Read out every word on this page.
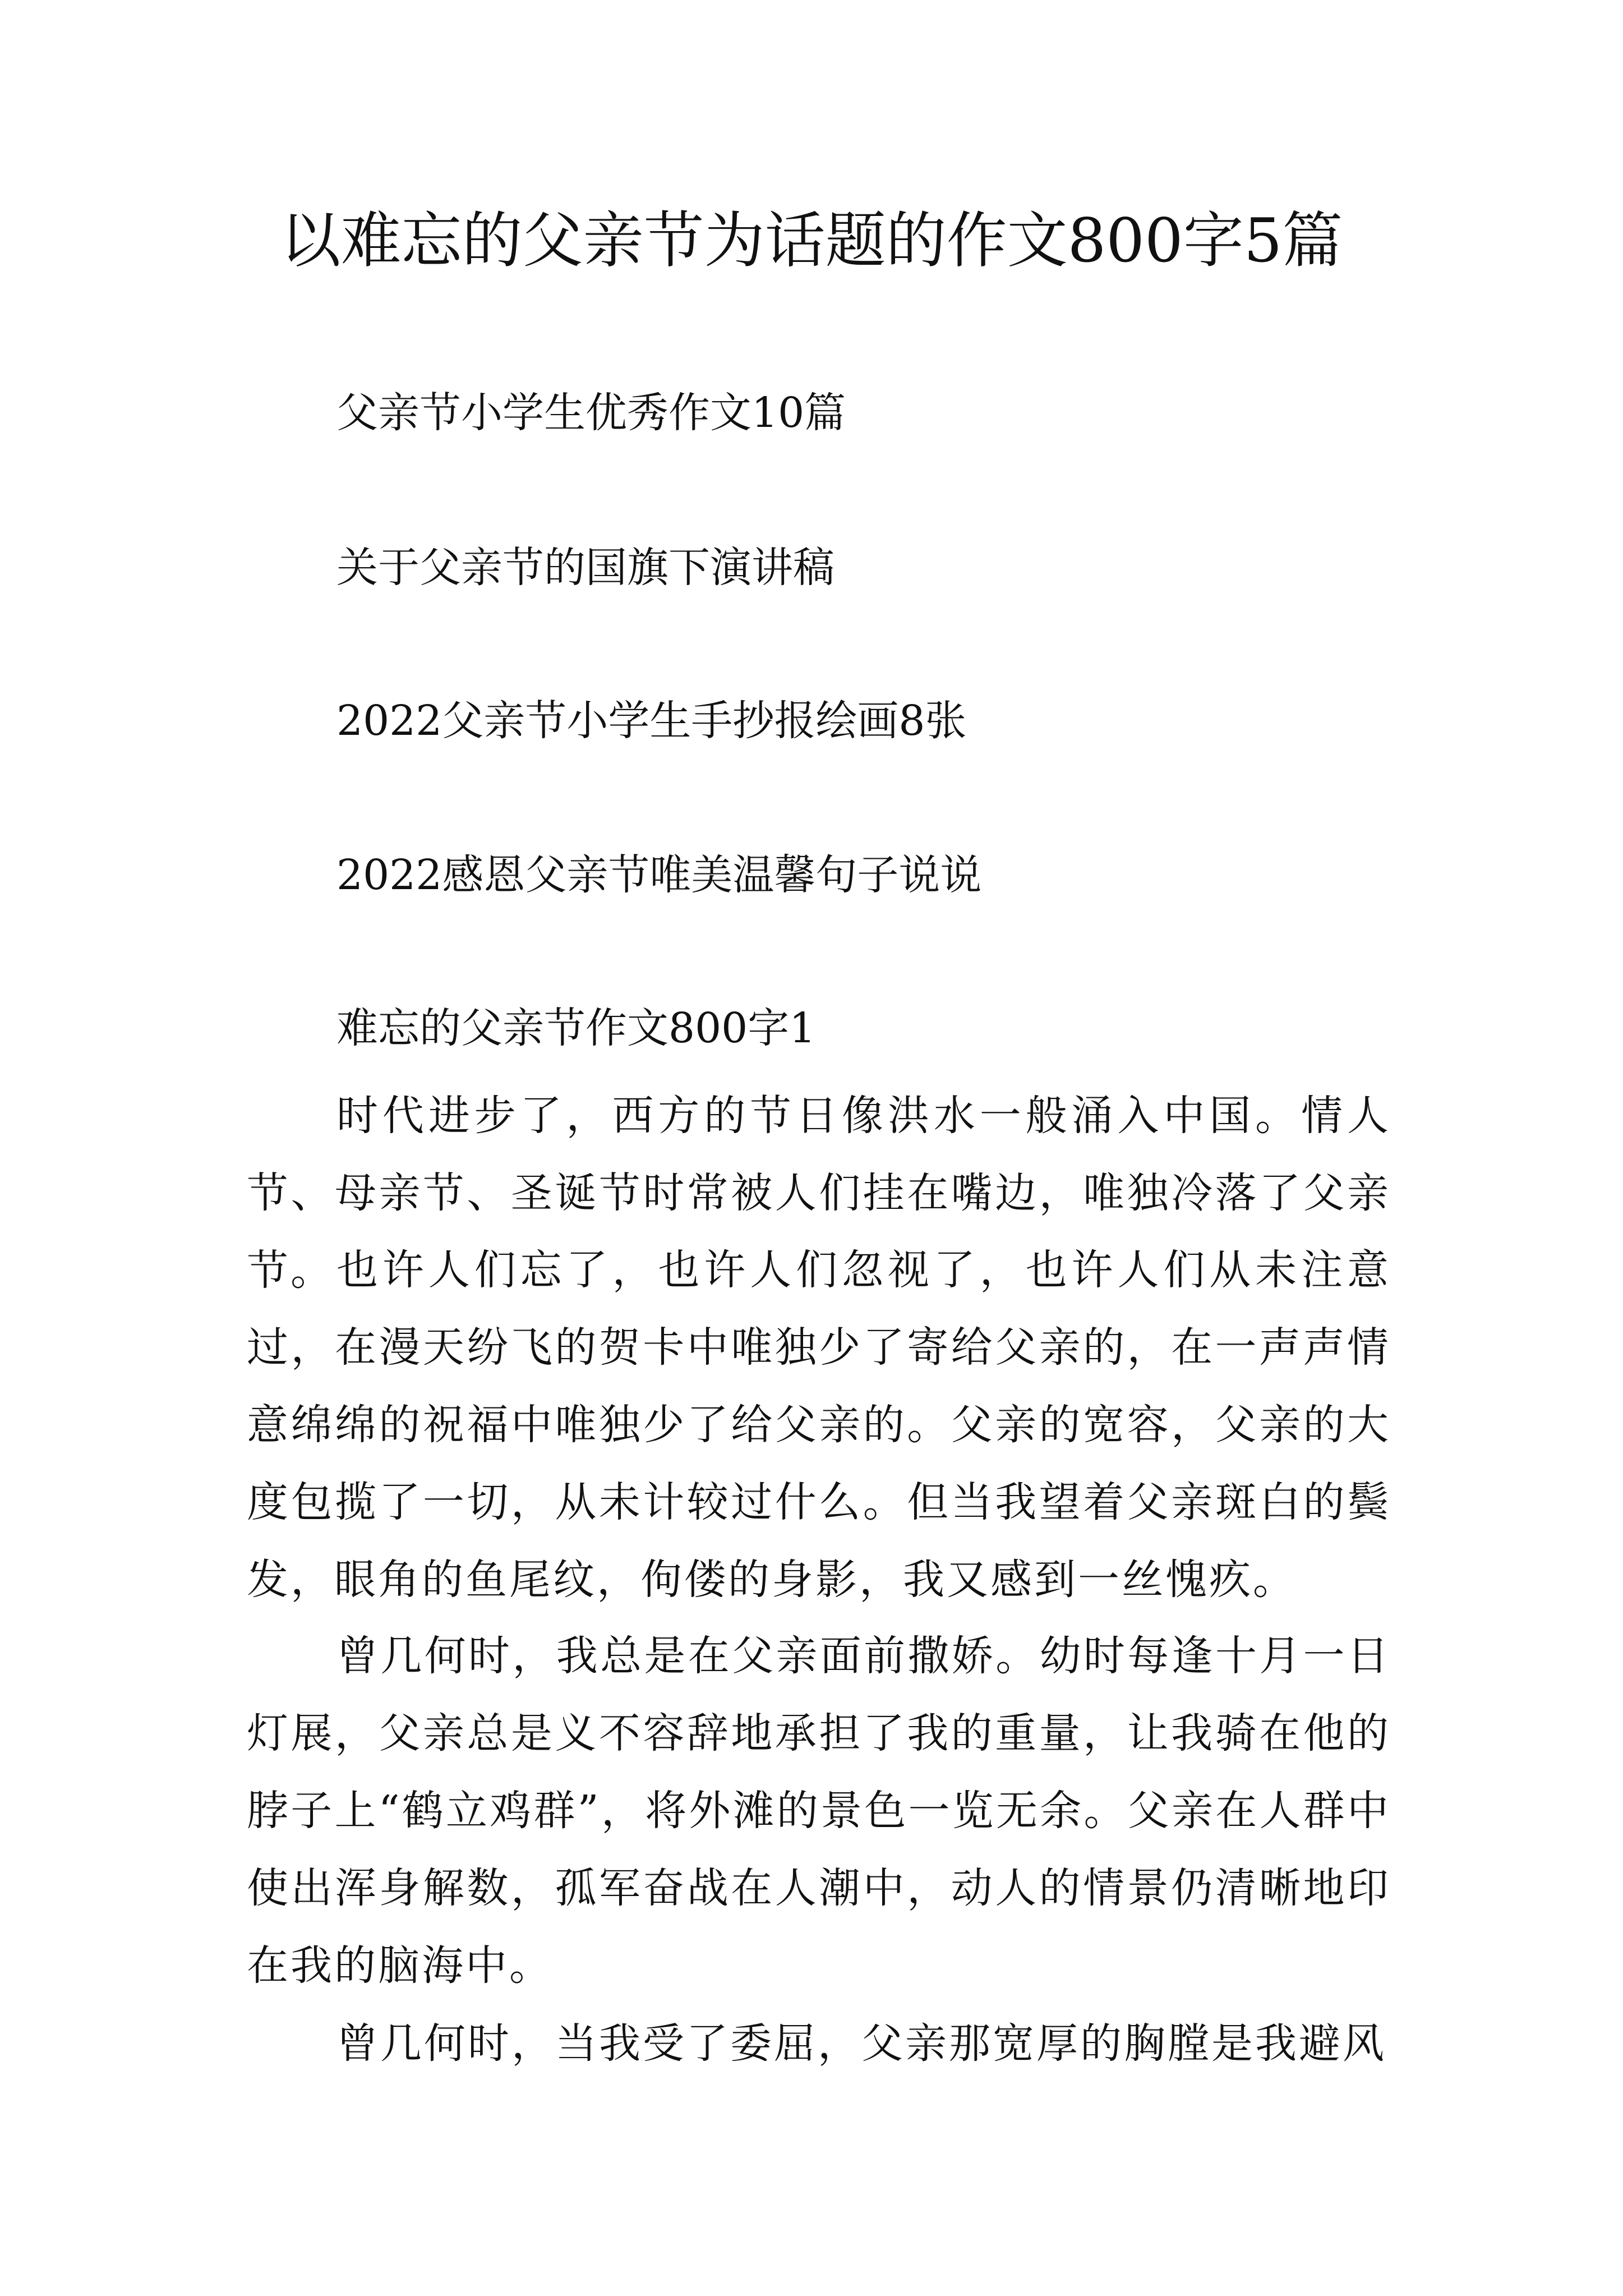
以难忘的父亲节为话题的作文800字5篇
父亲节小学生优秀作文10篇
关于父亲节的国旗下演讲稿
2022父亲节小学生手抄报绘画8张
2022感恩父亲节唯美温馨句子说说
难忘的父亲节作文800字1

时代进步了，西方的节日像洪水一般涌入中国。情人节、母亲节、圣诞节时常被人们挂在嘴边，唯独冷落了父亲节。 也许人们忘了，也许人们忽视了，也许人们从未注意过，在漫天纷飞的贺卡中唯独少了寄给父亲的，在一声声情意绵绵的祝福中唯独少了给父亲的。父亲的宽容，父亲的大度包揽了一切，从未计较过什么。但当我望着父亲斑白的鬓发，眼角的鱼尾纹，佝偻的身影，我又感到一丝愧疚。

曾几何时，我总是在父亲面前撒娇。幼时每逢十月一日灯展，父亲总是义不容辞地承担了我的重量，让我骑在他的脖子上“鹤立鸡群”，将外滩的景色一览无余。父亲在人群中使出浑身解数，孤军奋战在人潮中，动人的情景仍清晰地印在我的脑海中。

曾几何时，当我受了委屈，父亲那宽厚的胸膛是我避风
